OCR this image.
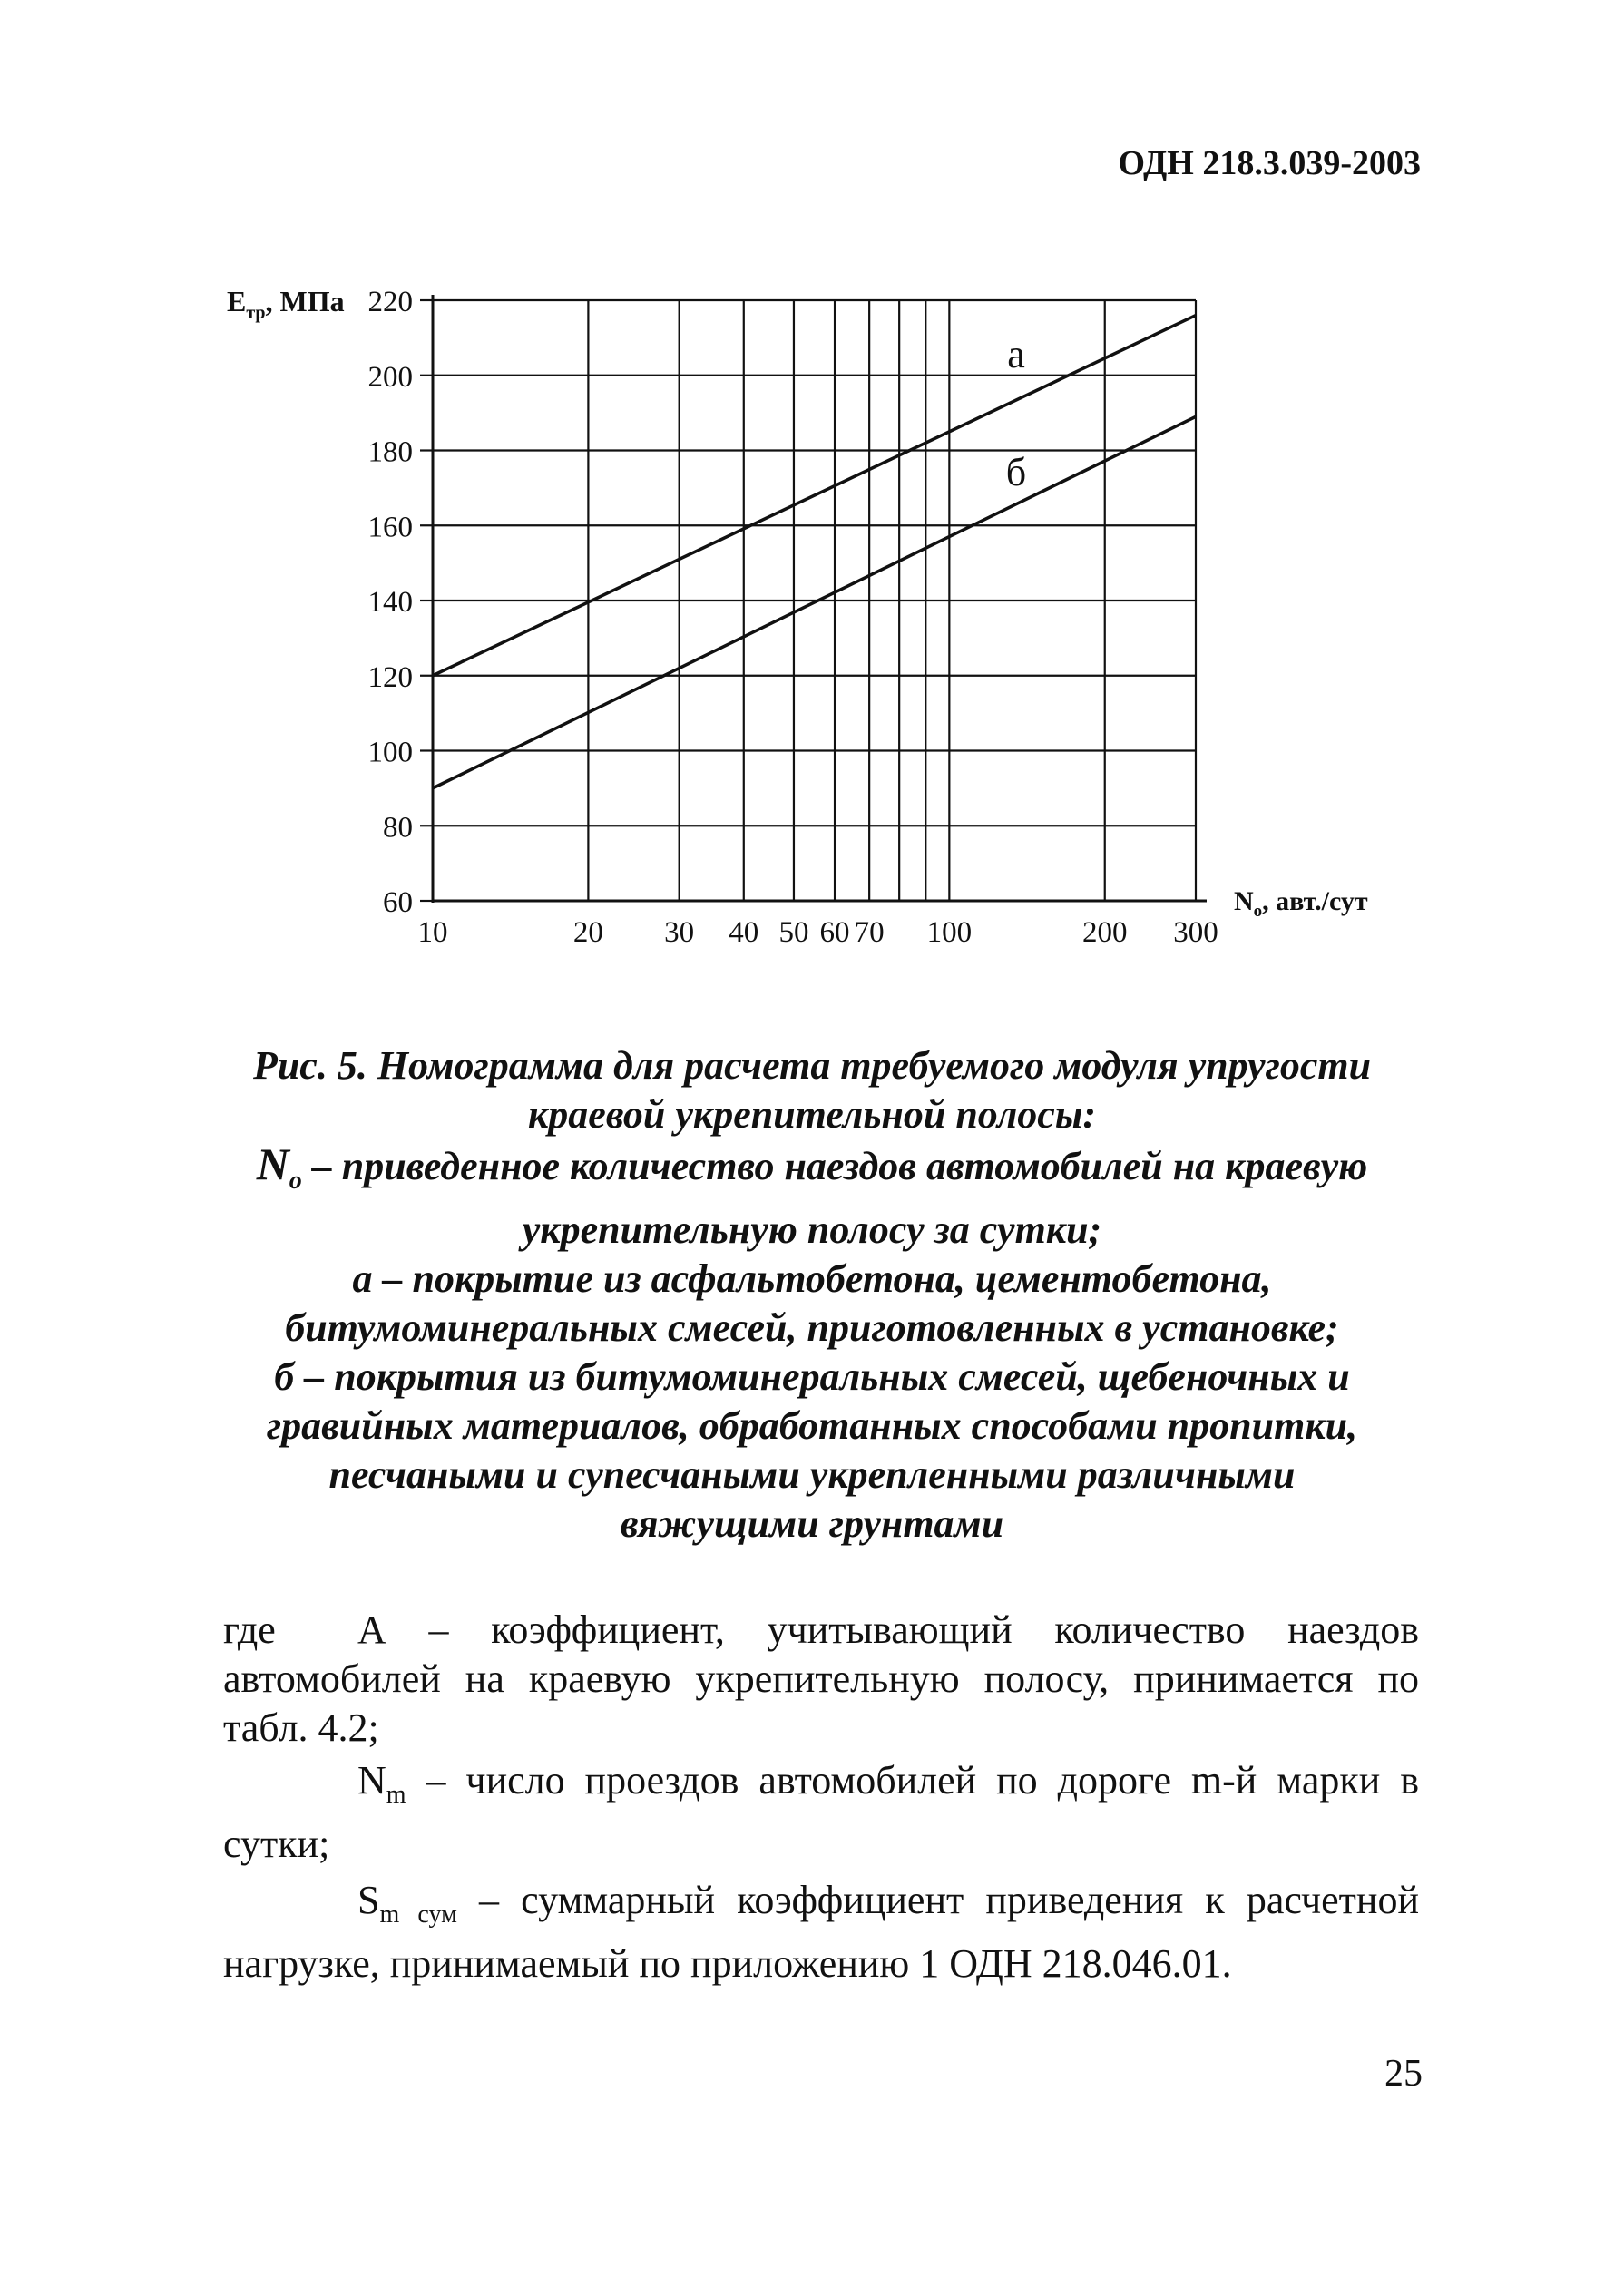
ОДН 218.3.039-2003
60
80
100
120
140
160
180
200
220
10	20 30 40 50 60 70 100	200 300
$E_{тр}$, МПа
$N_о$, авт./сут
а
б
Рис. 5. Номограмма для расчета требуемого модуля упругости
краевой укрепительной полосы:
$N_о$ – приведенное количество наездов автомобилей на краевую
укрепительную полосу за сутки;
а – покрытие из асфальтобетона, цементобетона,
битумоминеральных смесей, приготовленных в установке;
б – покрытия из битумоминеральных смесей, щебеночных и
гравийных материалов, обработанных способами пропитки,
песчаными и супесчаными укрепленными различными
вяжущими грунтами
где	А – коэффициент, учитывающий количество наездов
автомобилей на краевую укрепительную полосу, принимается по
табл. 4.2;
$N_m$ – число проездов автомобилей по дороге m-й марки в
сутки;
$S_{m сум}$ – суммарный коэффициент приведения к расчетной
нагрузке, принимаемый по приложению 1 ОДН 218.046.01.
25
